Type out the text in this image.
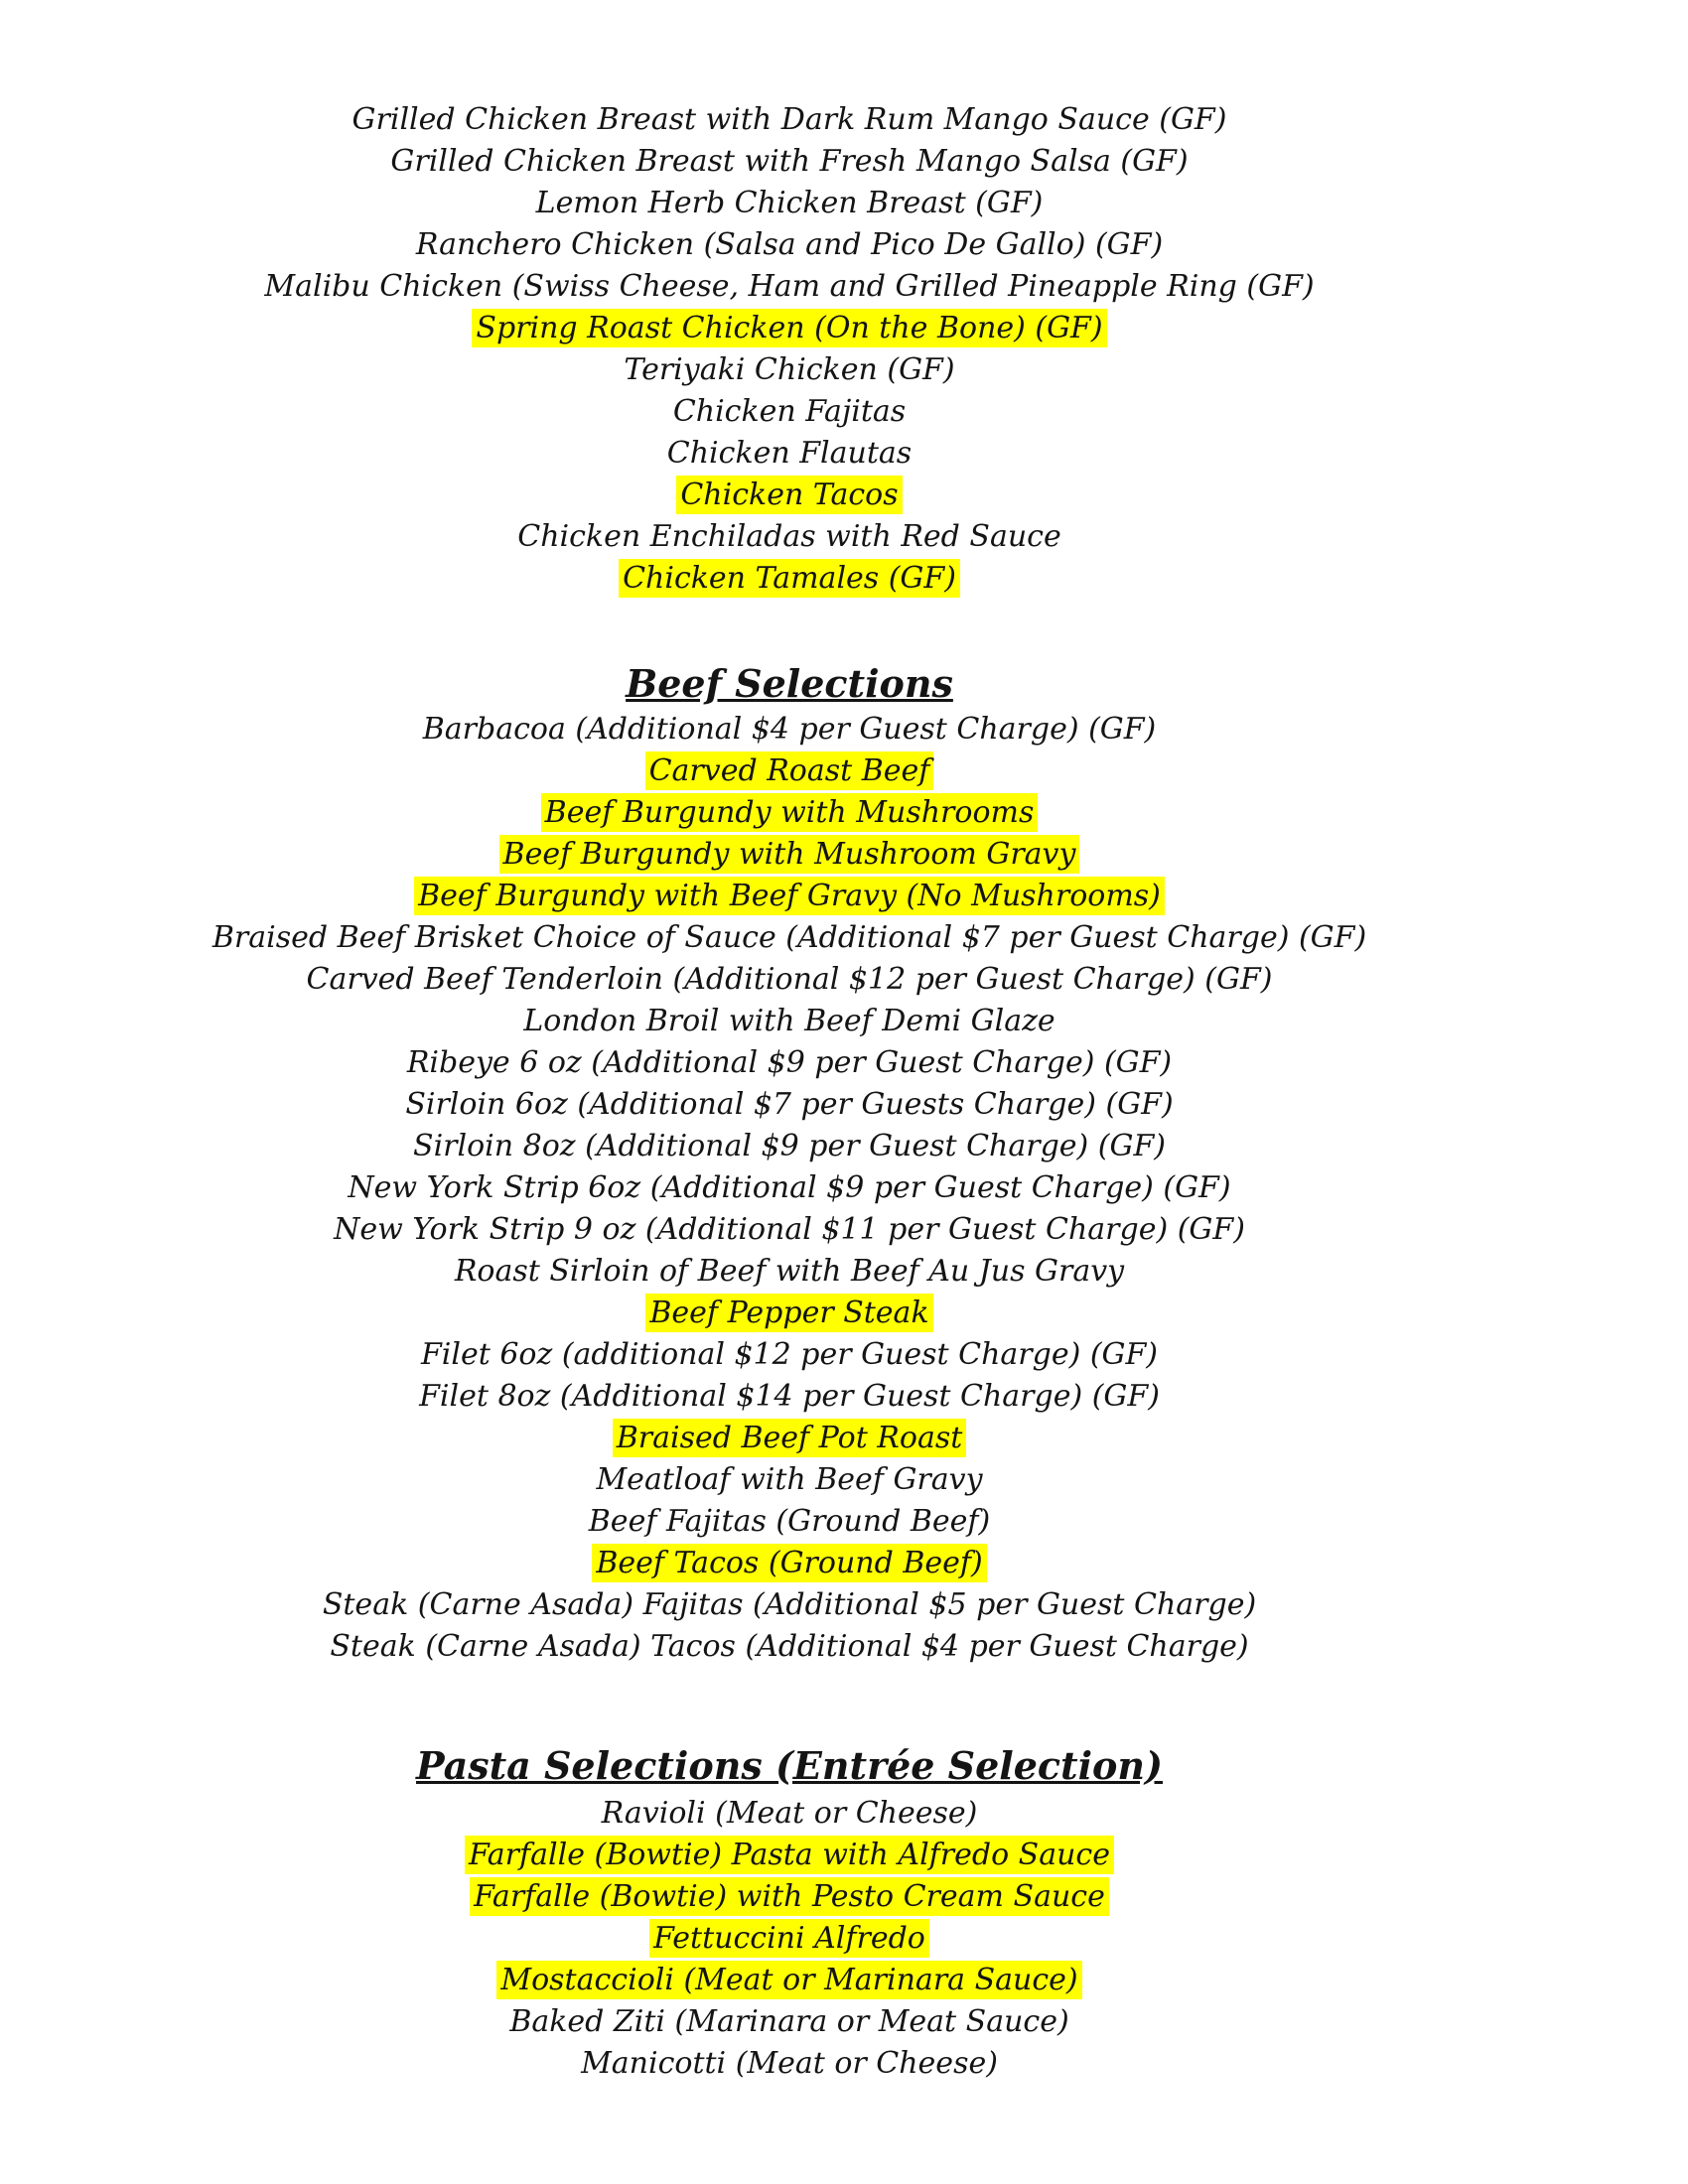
Grilled Chicken Breast with Dark Rum Mango Sauce (GF)
Grilled Chicken Breast with Fresh Mango Salsa (GF)
Lemon Herb Chicken Breast (GF)
Ranchero Chicken (Salsa and Pico De Gallo) (GF)
Malibu Chicken (Swiss Cheese, Ham and Grilled Pineapple Ring (GF)
Spring Roast Chicken (On the Bone) (GF)
Teriyaki Chicken (GF)
Chicken Fajitas
Chicken Flautas
Chicken Tacos
Chicken Enchiladas with Red Sauce
Chicken Tamales (GF)
Beef Selections
Barbacoa (Additional $4 per Guest Charge) (GF)
Carved Roast Beef
Beef Burgundy with Mushrooms
Beef Burgundy with Mushroom Gravy
Beef Burgundy with Beef Gravy (No Mushrooms)
Braised Beef Brisket Choice of Sauce (Additional $7 per Guest Charge) (GF)
Carved Beef Tenderloin (Additional $12 per Guest Charge) (GF)
London Broil with Beef Demi Glaze
Ribeye 6 oz (Additional $9 per Guest Charge) (GF)
Sirloin 6oz (Additional $7 per Guests Charge) (GF)
Sirloin 8oz (Additional $9 per Guest Charge) (GF)
New York Strip 6oz (Additional $9 per Guest Charge) (GF)
New York Strip 9 oz (Additional $11 per Guest Charge) (GF)
Roast Sirloin of Beef with Beef Au Jus Gravy
Beef Pepper Steak
Filet 6oz (additional $12 per Guest Charge) (GF)
Filet 8oz (Additional $14 per Guest Charge) (GF)
Braised Beef Pot Roast
Meatloaf with Beef Gravy
Beef Fajitas (Ground Beef)
Beef Tacos (Ground Beef)
Steak (Carne Asada) Fajitas (Additional $5 per Guest Charge)
Steak (Carne Asada) Tacos (Additional $4 per Guest Charge)
Pasta Selections (Entrée Selection)
Ravioli (Meat or Cheese)
Farfalle (Bowtie) Pasta with Alfredo Sauce
Farfalle (Bowtie) with Pesto Cream Sauce
Fettuccini Alfredo
Mostaccioli (Meat or Marinara Sauce)
Baked Ziti (Marinara or Meat Sauce)
Manicotti (Meat or Cheese)
